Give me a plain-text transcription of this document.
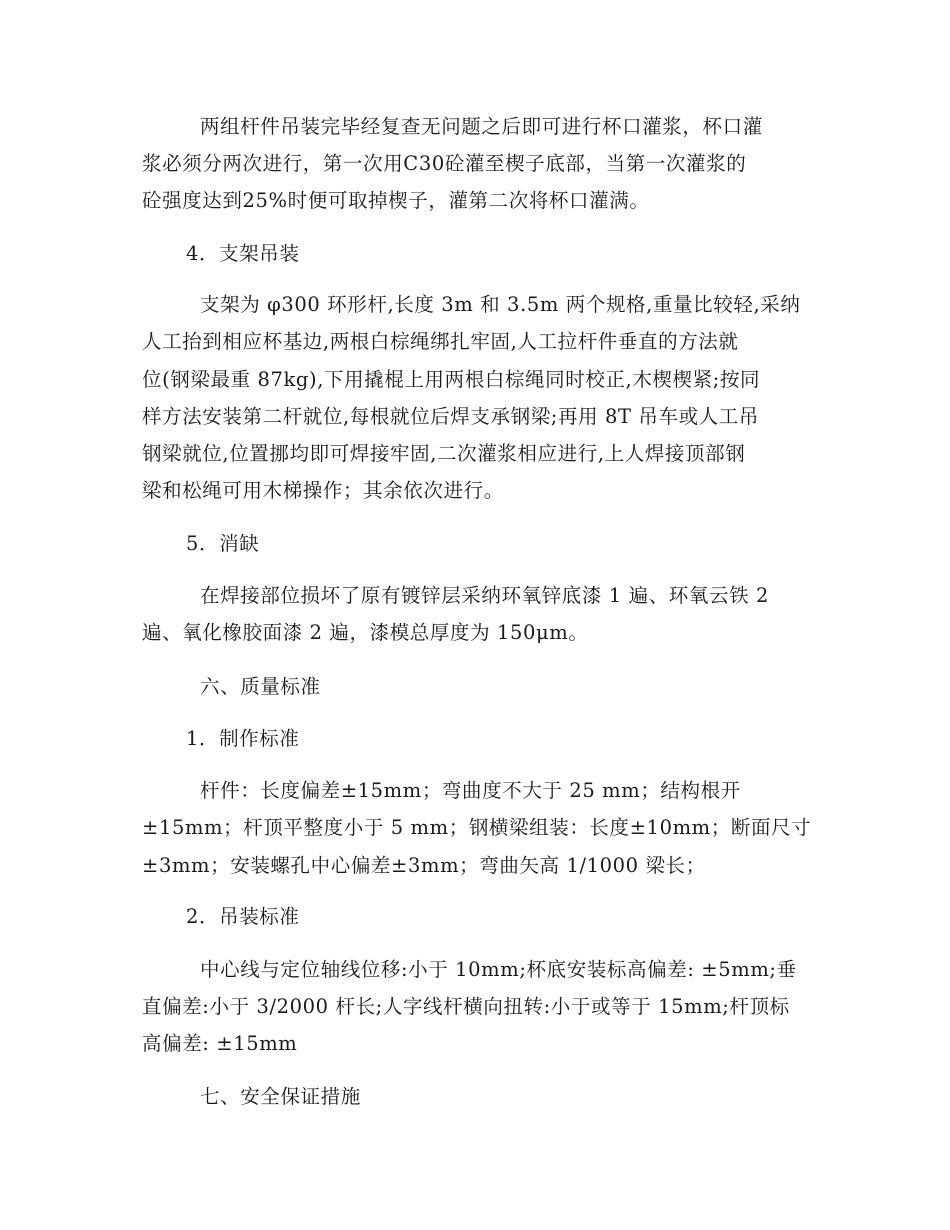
两组杆件吊装完毕经复查无问题之后即可进行杯口灌浆，杯口灌
浆必须分两次进行，第一次用C30砼灌至楔子底部，当第一次灌浆的
砼强度达到25%时便可取掉楔子，灌第二次将杯口灌满。
4．支架吊装
支架为 φ300 环形杆,长度 3m 和 3.5m 两个规格,重量比较轻,采纳
人工抬到相应杯基边,两根白棕绳绑扎牢固,人工拉杆件垂直的方法就
位(钢梁最重 87kg),下用撬棍上用两根白棕绳同时校正,木楔楔紧;按同
样方法安装第二杆就位,每根就位后焊支承钢梁;再用 8T 吊车或人工吊
钢梁就位,位置挪均即可焊接牢固,二次灌浆相应进行,上人焊接顶部钢
梁和松绳可用木梯操作；其余依次进行。
5．消缺
在焊接部位损坏了原有镀锌层采纳环氧锌底漆 1 遍、环氧云铁 2
遍、氧化橡胶面漆 2 遍，漆模总厚度为 150μm。
六、质量标准
1．制作标准
杆件：长度偏差±15mm；弯曲度不大于 25 mm；结构根开
±15mm；杆顶平整度小于 5 mm；钢横梁组装：长度±10mm；断面尺寸
±3mm；安装螺孔中心偏差±3mm；弯曲矢高 1/1000 梁长；
2．吊装标准
中心线与定位轴线位移:小于 10mm;杯底安装标高偏差: ±5mm;垂
直偏差:小于 3/2000 杆长;人字线杆横向扭转:小于或等于 15mm;杆顶标
高偏差: ±15mm
七、安全保证措施
